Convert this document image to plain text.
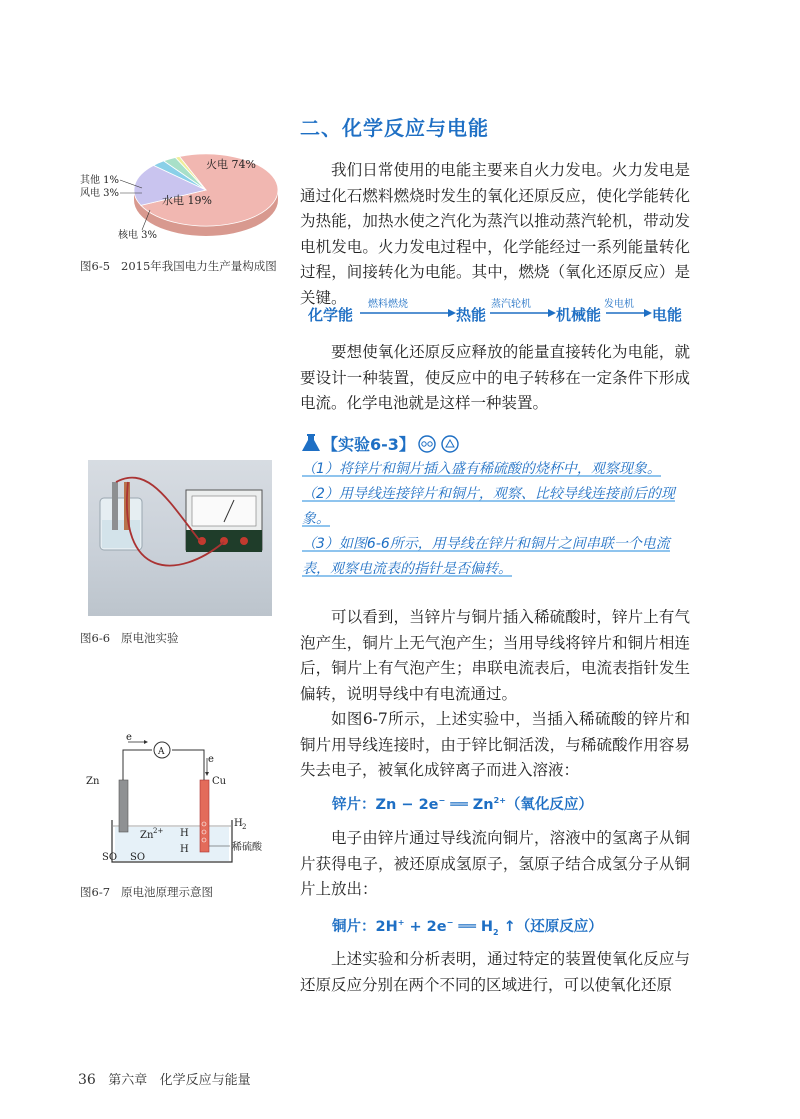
火电 74%
水电 19%
核电 3%
风电 3%
其他 1%
图6-5 2015年我国电力生产量构成图
二、化学反应与电能
我们日常使用的电能主要来自火力发电。火力发电是通过化石燃料燃烧时发生的氧化还原反应，使化学能转化为热能，加热水使之汽化为蒸汽以推动蒸汽轮机，带动发电机发电。火力发电过程中，化学能经过一系列能量转化过程，间接转化为电能。其中，燃烧（氧化还原反应）是关键。
化学能
燃料燃烧
热能
蒸汽轮机
机械能
发电机
电能
要想使氧化还原反应释放的能量直接转化为电能，就要设计一种装置，使反应中的电子转移在一定条件下形成电流。化学电池就是这样一种装置。
【实验6-3】
（1）将锌片和铜片插入盛有稀硫酸的烧杯中，观察现象。
（2）用导线连接锌片和铜片，观察、比较导线连接前后的现象。
（3）如图6-6所示，用导线在锌片和铜片之间串联一个电流表，观察电流表的指针是否偏转。
图6-6 原电池实验
可以看到，当锌片与铜片插入稀硫酸时，锌片上有气泡产生，铜片上无气泡产生；当用导线将锌片和铜片相连后，铜片上有气泡产生；串联电流表后，电流表指针发生偏转，说明导线中有电流通过。
如图6-7所示，上述实验中，当插入稀硫酸的锌片和铜片用导线连接时，由于锌比铜活泼，与稀硫酸作用容易失去电子，被氧化成锌离子而进入溶液：
锌片：Zn − 2e− ══ $Zn^{2+}$（氧化反应）
A
e
e
Zn	Cu
Zn 2+
H 2
H
H
SO SO
稀硫酸
图6-7 原电池原理示意图
电子由锌片通过导线流向铜片，溶液中的氢离子从铜片获得电子，被还原成氢原子，氢原子结合成氢分子从铜片上放出：
铜片：2H+ + 2e− ══ $H_2$ ↑（还原反应）
上述实验和分析表明，通过特定的装置使氧化反应与还原反应分别在两个不同的区域进行，可以使氧化还原
36 第六章 化学反应与能量
